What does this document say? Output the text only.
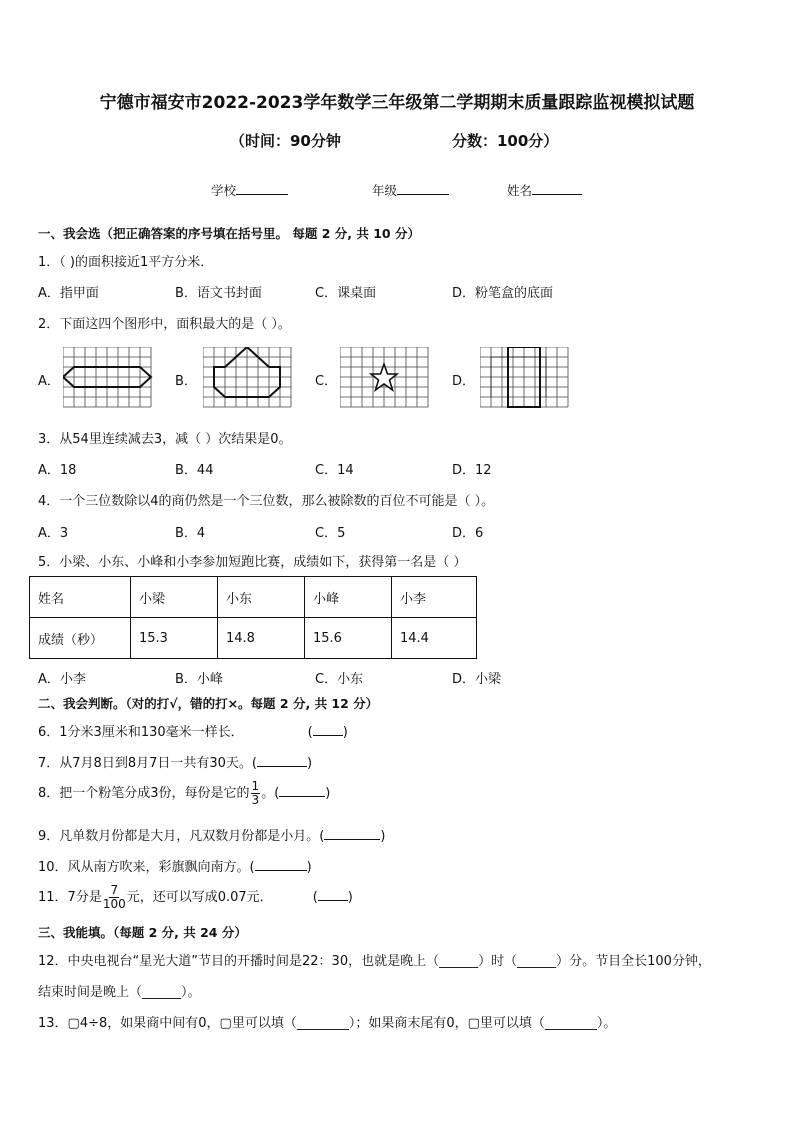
宁德市福安市2022-2023学年数学三年级第二学期期末质量跟踪监视模拟试题
（时间：90分钟	分数：100分）
学校	年级	姓名
一、我会选（把正确答案的序号填在括号里。 每题 2 分, 共 10 分）
1．（ )的面积接近1平方分米．
A．指甲面	B．语文书封面	C．课桌面	D．粉笔盒的底面
2．下面这四个图形中，面积最大的是（ ）。
A．	B．	C．	D．
3．从54里连续减去3，减（ ）次结果是0。
A．18	B．44	C．14	D．12
4．一个三位数除以4的商仍然是一个三位数，那么被除数的百位不可能是（ ）。
A．3	B．4	C．5	D．6
5．小梁、小东、小峰和小李参加短跑比赛，成绩如下，获得第一名是（ ）
姓名	小梁	小东	小峰	小李
成绩（秒）	15.3	14.8	15.6	14.4
A．小李	B．小峰	C．小东	D．小梁
二、我会判断。（对的打√，错的打×。每题 2 分, 共 12 分）
6．1分米3厘米和130毫米一样长．	( )
7．从7月8日到8月7日一共有30天。(	)
8．把一个粉笔分成3份，每份是它的 $\frac{1}{3}$ 。(	)
9．凡单数月份都是大月，凡双数月份都是小月。(	)
10．风从南方吹来，彩旗飘向南方。(	)
11．7分是 $\frac{7}{100}$ 元，还可以写成0.07元．	( )
三、我能填。（每题 2 分, 共 24 分）
12．中央电视台“星光大道”节目的开播时间是22：30，也就是晚上（______）时（______）分。节目全长100分钟，
结束时间是晚上（______）。
13．▢4÷8，如果商中间有0，▢里可以填（________）；如果商末尾有0，▢里可以填（________）。
